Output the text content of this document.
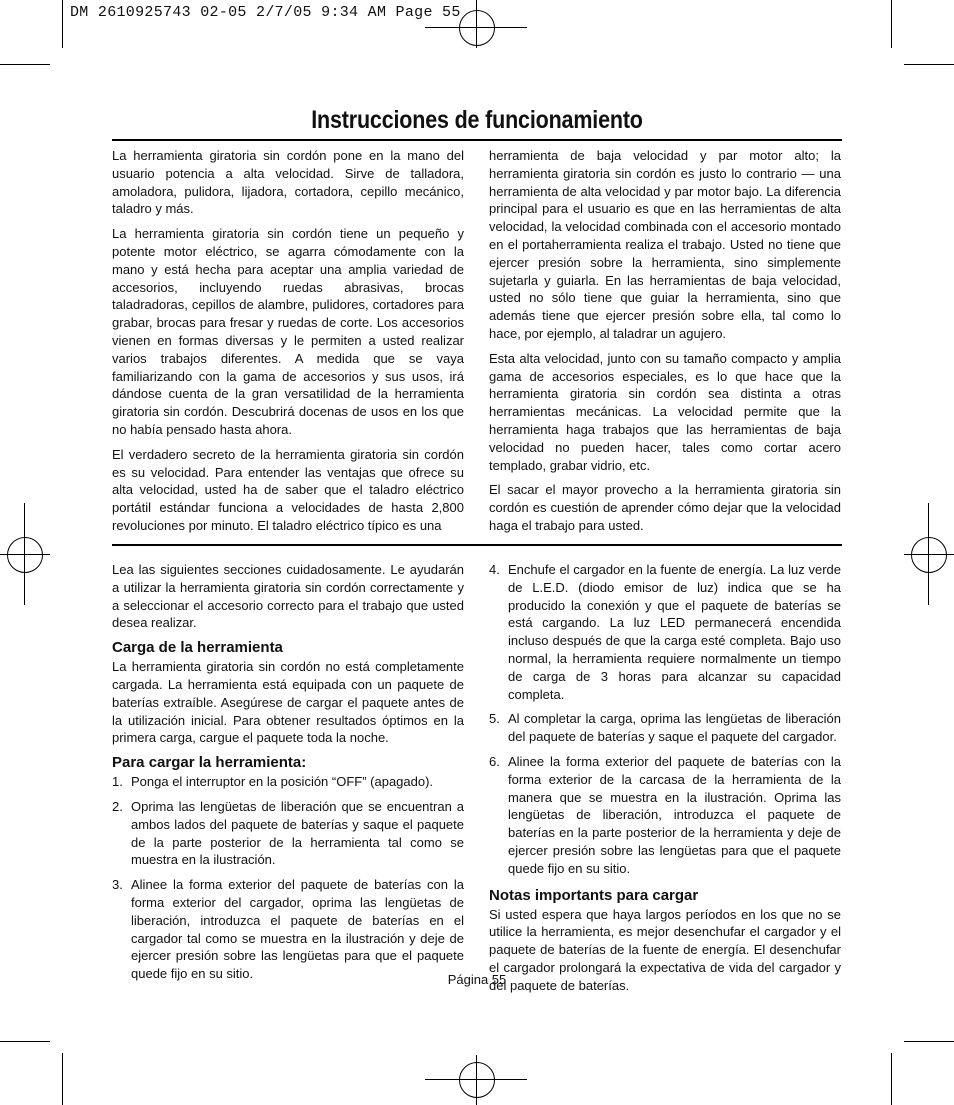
DM 2610925743 02-05 2/7/05 9:34 AM Page 55
Instrucciones de funcionamiento

La herramienta giratoria sin cordón pone en la mano del usuario potencia a alta velocidad. Sirve de talladora, amoladora, pulidora, lijadora, cortadora, cepillo mecánico, taladro y más.

La herramienta giratoria sin cordón tiene un pequeño y potente motor eléctrico, se agarra cómodamente con la mano y está hecha para aceptar una amplia variedad de accesorios, incluyendo ruedas abrasivas, brocas taladradoras, cepillos de alambre, pulidores, cortadores para grabar, brocas para fresar y ruedas de corte. Los accesorios vienen en formas diversas y le permiten a usted realizar varios trabajos diferentes. A medida que se vaya familiarizando con la gama de accesorios y sus usos, irá dándose cuenta de la gran versatilidad de la herramienta giratoria sin cordón. Descubrirá docenas de usos en los que no había pensado hasta ahora.

El verdadero secreto de la herramienta giratoria sin cordón es su velocidad. Para entender las ventajas que ofrece su alta velocidad, usted ha de saber que el taladro eléctrico portátil estándar funciona a velocidades de hasta 2,800 revoluciones por minuto. El taladro eléctrico típico es una

herramienta de baja velocidad y par motor alto; la herramienta giratoria sin cordón es justo lo contrario — una herramienta de alta velocidad y par motor bajo. La diferencia principal para el usuario es que en las herramientas de alta velocidad, la velocidad combinada con el accesorio montado en el portaherramienta realiza el trabajo. Usted no tiene que ejercer presión sobre la herramienta, sino simplemente sujetarla y guiarla. En las herramientas de baja velocidad, usted no sólo tiene que guiar la herramienta, sino que además tiene que ejercer presión sobre ella, tal como lo hace, por ejemplo, al taladrar un agujero.

Esta alta velocidad, junto con su tamaño compacto y amplia gama de accesorios especiales, es lo que hace que la herramienta giratoria sin cordón sea distinta a otras herramientas mecánicas. La velocidad permite que la herramienta haga trabajos que las herramientas de baja velocidad no pueden hacer, tales como cortar acero templado, grabar vidrio, etc.

El sacar el mayor provecho a la herramienta giratoria sin cordón es cuestión de aprender cómo dejar que la velocidad haga el trabajo para usted.

Lea las siguientes secciones cuidadosamente. Le ayudarán a utilizar la herramienta giratoria sin cordón correctamente y a seleccionar el accesorio correcto para el trabajo que usted desea realizar.

Carga de la herramienta

La herramienta giratoria sin cordón no está completamente cargada. La herramienta está equipada con un paquete de baterías extraíble. Asegúrese de cargar el paquete antes de la utilización inicial. Para obtener resultados óptimos en la primera carga, cargue el paquete toda la noche.

Para cargar la herramienta:
1. Ponga el interruptor en la posición “OFF” (apagado).
2. Oprima las lengüetas de liberación que se encuentran a ambos lados del paquete de baterías y saque el paquete de la parte posterior de la herramienta tal como se muestra en la ilustración.
3. Alinee la forma exterior del paquete de baterías con la forma exterior del cargador, oprima las lengüetas de liberación, introduzca el paquete de baterías en el cargador tal como se muestra en la ilustración y deje de ejercer presión sobre las lengüetas para que el paquete quede fijo en su sitio.
4. Enchufe el cargador en la fuente de energía. La luz verde de L.E.D. (diodo emisor de luz) indica que se ha producido la conexión y que el paquete de baterías se está cargando. La luz LED permanecerá encendida incluso después de que la carga esté completa. Bajo uso normal, la herramienta requiere normalmente un tiempo de carga de 3 horas para alcanzar su capacidad completa.
5. Al completar la carga, oprima las lengüetas de liberación del paquete de baterías y saque el paquete del cargador.
6. Alinee la forma exterior del paquete de baterías con la forma exterior de la carcasa de la herramienta de la manera que se muestra en la ilustración. Oprima las lengüetas de liberación, introduzca el paquete de baterías en la parte posterior de la herramienta y deje de ejercer presión sobre las lengüetas para que el paquete quede fijo en su sitio.
Notas importants para cargar

Si usted espera que haya largos períodos en los que no se utilice la herramienta, es mejor desenchufar el cargador y el paquete de baterías de la fuente de energía. El desenchufar el cargador prolongará la expectativa de vida del cargador y del paquete de baterías.

Página 55
